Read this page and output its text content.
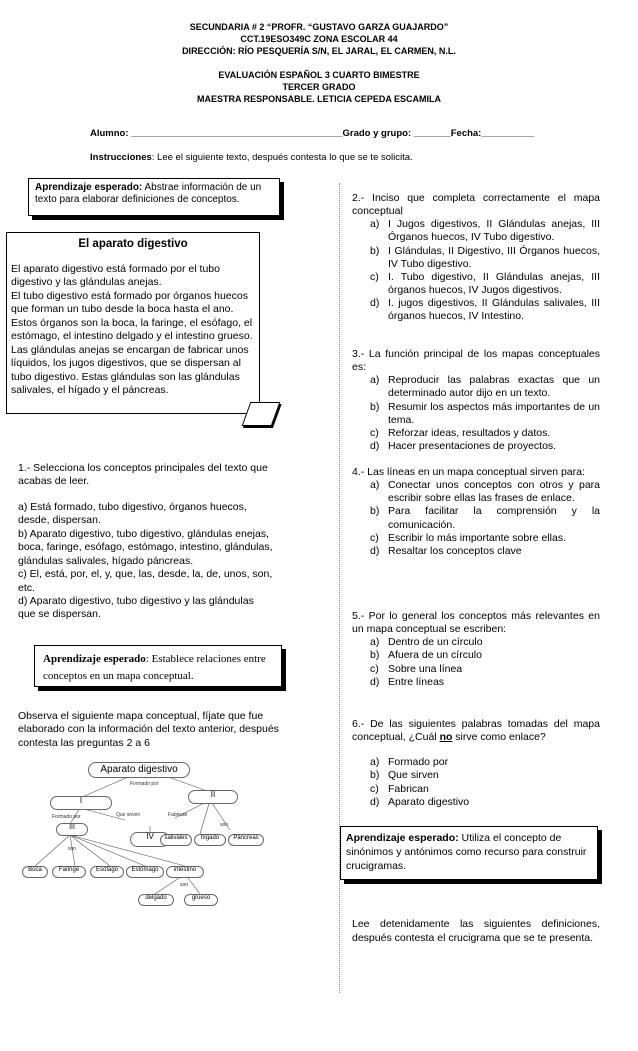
SECUNDARIA # 2 “PROFR. “GUSTAVO GARZA GUAJARDO”
CCT.19ESO349C ZONA ESCOLAR 44
DIRECCIÓN: RÍO PESQUERÍA S/N, EL JARAL, EL CARMEN, N.L.
EVALUACIÓN ESPAÑOL 3 CUARTO BIMESTRE
TERCER GRADO
MAESTRA RESPONSABLE. LETICIA CEPEDA ESCAMILA
Alumno: ________________________________________Grado y grupo: _______Fecha:__________
Instrucciones: Lee el siguiente texto, después contesta lo que se te solicita.
Aprendizaje esperado: Abstrae información de un texto para elaborar definiciones de conceptos.
El aparato digestivo
El aparato digestivo está formado por el tubo digestivo y las glándulas anejas.
El tubo digestivo está formado por órganos huecos que forman un tubo desde la boca hasta el ano. Estos órganos son la boca, la faringe, el esófago, el estómago, el intestino delgado y el intestino grueso.
Las glándulas anejas se encargan de fabricar unos líquidos, los jugos digestivos, que se dispersan al tubo digestivo. Estas glándulas son las glándulas salivales, el hígado y el páncreas.
1.- Selecciona los conceptos principales del texto que acabas de leer.
a) Está formado, tubo digestivo, órganos huecos, desde, dispersan.
b) Aparato digestivo, tubo digestivo, glándulas enejas, boca, faringe, esófago, estómago, intestino, glándulas, glándulas salivales, hígado páncreas.
c) El, está, por, el, y, que, las, desde, la, de, unos, son, etc.
d) Aparato digestivo, tubo digestivo y las glándulas que se dispersan.
Aprendizaje esperado: Establece relaciones entre conceptos en un mapa conceptual.
Observa el siguiente mapa conceptual, fíjate que fue elaborado con la información del texto anterior, después contesta las preguntas 2 a 6
Aparato digestivo
Formado por
I
II
Formado por	Que sirven	Fabrican
III
IV
son
salivales	hígado	Páncreas
son
Boca	Faringe	Esófago	Estómago	intestino
son
delgado	grueso
2.- Inciso que completa correctamente el mapa conceptual
a) I Jugos digestivos, II Glándulas anejas, III Órganos huecos, IV Tubo digestivo.
b) I Glándulas, II Digestivo, III Órganos huecos, IV Tubo digestivo.
c) I. Tubo digestivo, II Glándulas anejas, III órganos huecos, IV Jugos digestivos.
d) I. jugos digestivos, II Glándulas salivales, III órganos huecos, IV Intestino.
3.- La función principal de los mapas conceptuales es:
a) Reproducir las palabras exactas que un determinado autor dijo en un texto.
b) Resumir los aspectos más importantes de un tema.
c) Reforzar ideas, resultados y datos.
d) Hacer presentaciones de proyectos.
4.- Las líneas en un mapa conceptual sirven para:
a) Conectar unos conceptos con otros y para escribir sobre ellas las frases de enlace.
b) Para facilitar la comprensión y la comunicación.
c) Escribir lo más importante sobre ellas.
d) Resaltar los conceptos clave
5.- Por lo general los conceptos más relevantes en un mapa conceptual se escriben:
a) Dentro de un círculo
b) Afuera de un círculo
c) Sobre una línea
d) Entre líneas
6.- De las siguientes palabras tomadas del mapa conceptual, ¿Cuál no sirve como enlace?
a) Formado por
b) Que sirven
c) Fabrican
d) Aparato digestivo
Aprendizaje esperado: Utiliza el concepto de sinónimos y antónimos como recurso para construir crucigramas.
Lee detenidamente las siguientes definiciones, después contesta el crucigrama que se te presenta.
